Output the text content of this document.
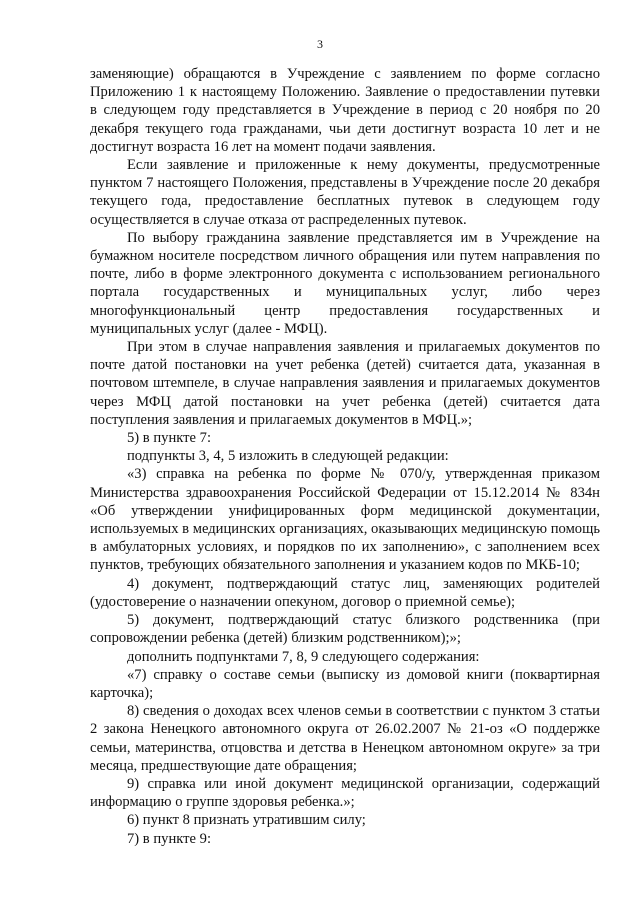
3

заменяющие) обращаются в Учреждение с заявлением по форме согласно Приложению 1 к настоящему Положению. Заявление о предоставлении путевки в следующем году представляется в Учреждение в период с 20 ноября по 20 декабря текущего года гражданами, чьи дети достигнут возраста 10 лет и не достигнут возраста 16 лет на момент подачи заявления.

Если заявление и приложенные к нему документы, предусмотренные пунктом 7 настоящего Положения, представлены в Учреждение после 20 декабря текущего года, предоставление бесплатных путевок в следующем году осуществляется в случае отказа от распределенных путевок.

По выбору гражданина заявление представляется им в Учреждение на бумажном носителе посредством личного обращения или путем направления по почте, либо в форме электронного документа с использованием регионального портала государственных и муниципальных услуг, либо через многофункциональный центр предоставления государственных и муниципальных услуг (далее - МФЦ).

При этом в случае направления заявления и прилагаемых документов по почте датой постановки на учет ребенка (детей) считается дата, указанная в почтовом штемпеле, в случае направления заявления и прилагаемых документов через МФЦ датой постановки на учет ребенка (детей) считается дата поступления заявления и прилагаемых документов в МФЦ.»;

5) в пункте 7:

подпункты 3, 4, 5 изложить в следующей редакции:

«3) справка на ребенка по форме № 070/у, утвержденная приказом Министерства здравоохранения Российской Федерации от 15.12.2014 № 834н «Об утверждении унифицированных форм медицинской документации, используемых в медицинских организациях, оказывающих медицинскую помощь в амбулаторных условиях, и порядков по их заполнению», с заполнением всех пунктов, требующих обязательного заполнения и указанием кодов по МКБ-10;

4) документ, подтверждающий статус лиц, заменяющих родителей (удостоверение о назначении опекуном, договор о приемной семье);

5) документ, подтверждающий статус близкого родственника (при сопровождении ребенка (детей) близким родственником);»;

дополнить подпунктами 7, 8, 9 следующего содержания:

«7) справку о составе семьи (выписку из домовой книги (поквартирная карточка);

8) сведения о доходах всех членов семьи в соответствии с пунктом 3 статьи 2 закона Ненецкого автономного округа от 26.02.2007 № 21-оз «О поддержке семьи, материнства, отцовства и детства в Ненецком автономном округе» за три месяца, предшествующие дате обращения;

9) справка или иной документ медицинской организации, содержащий информацию о группе здоровья ребенка.»;

6) пункт 8 признать утратившим силу;

7) в пункте 9:
